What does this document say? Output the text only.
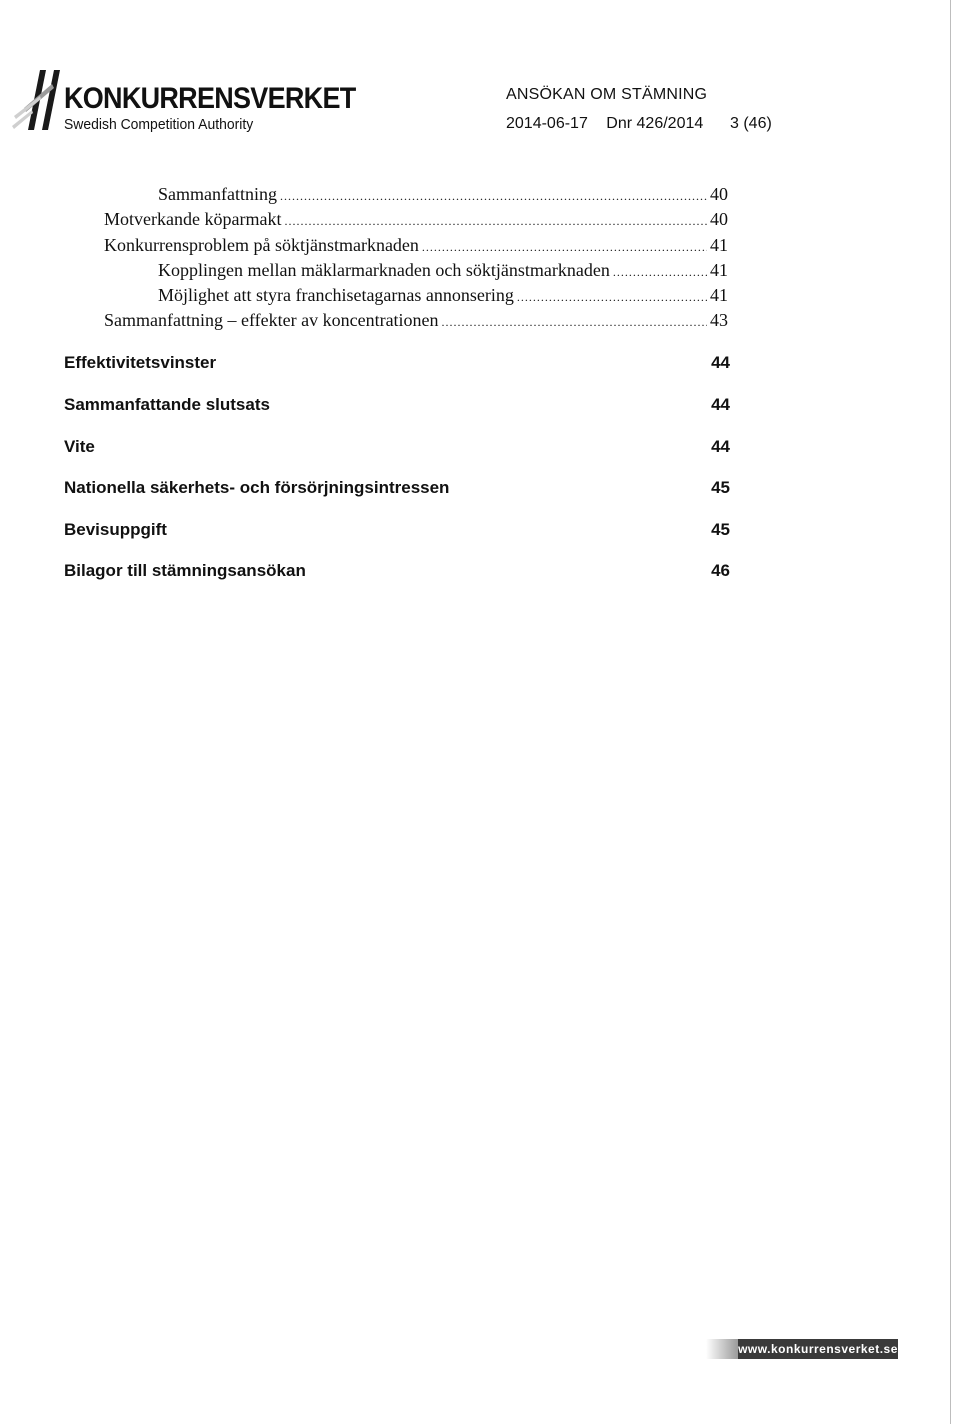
KONKURRENSVERKET
Swedish Competition Authority
ANSÖKAN OM STÄMNING
2014-06-17 Dnr 426/2014 3 (46)
Sammanfattning .....	40
Motverkande köparmakt .....	40
Konkurrensproblem på söktjänstmarknaden .....	41
Kopplingen mellan mäklarmarknaden och söktjänstmarknaden .....	41
Möjlighet att styra franchisetagarnas annonsering .....	41
Sammanfattning – effekter av koncentrationen .....	43
Effektivitetsvinster	44
Sammanfattande slutsats	44
Vite	44
Nationella säkerhets- och försörjningsintressen	45
Bevisuppgift	45
Bilagor till stämningsansökan	46
www.konkurrensverket.se
